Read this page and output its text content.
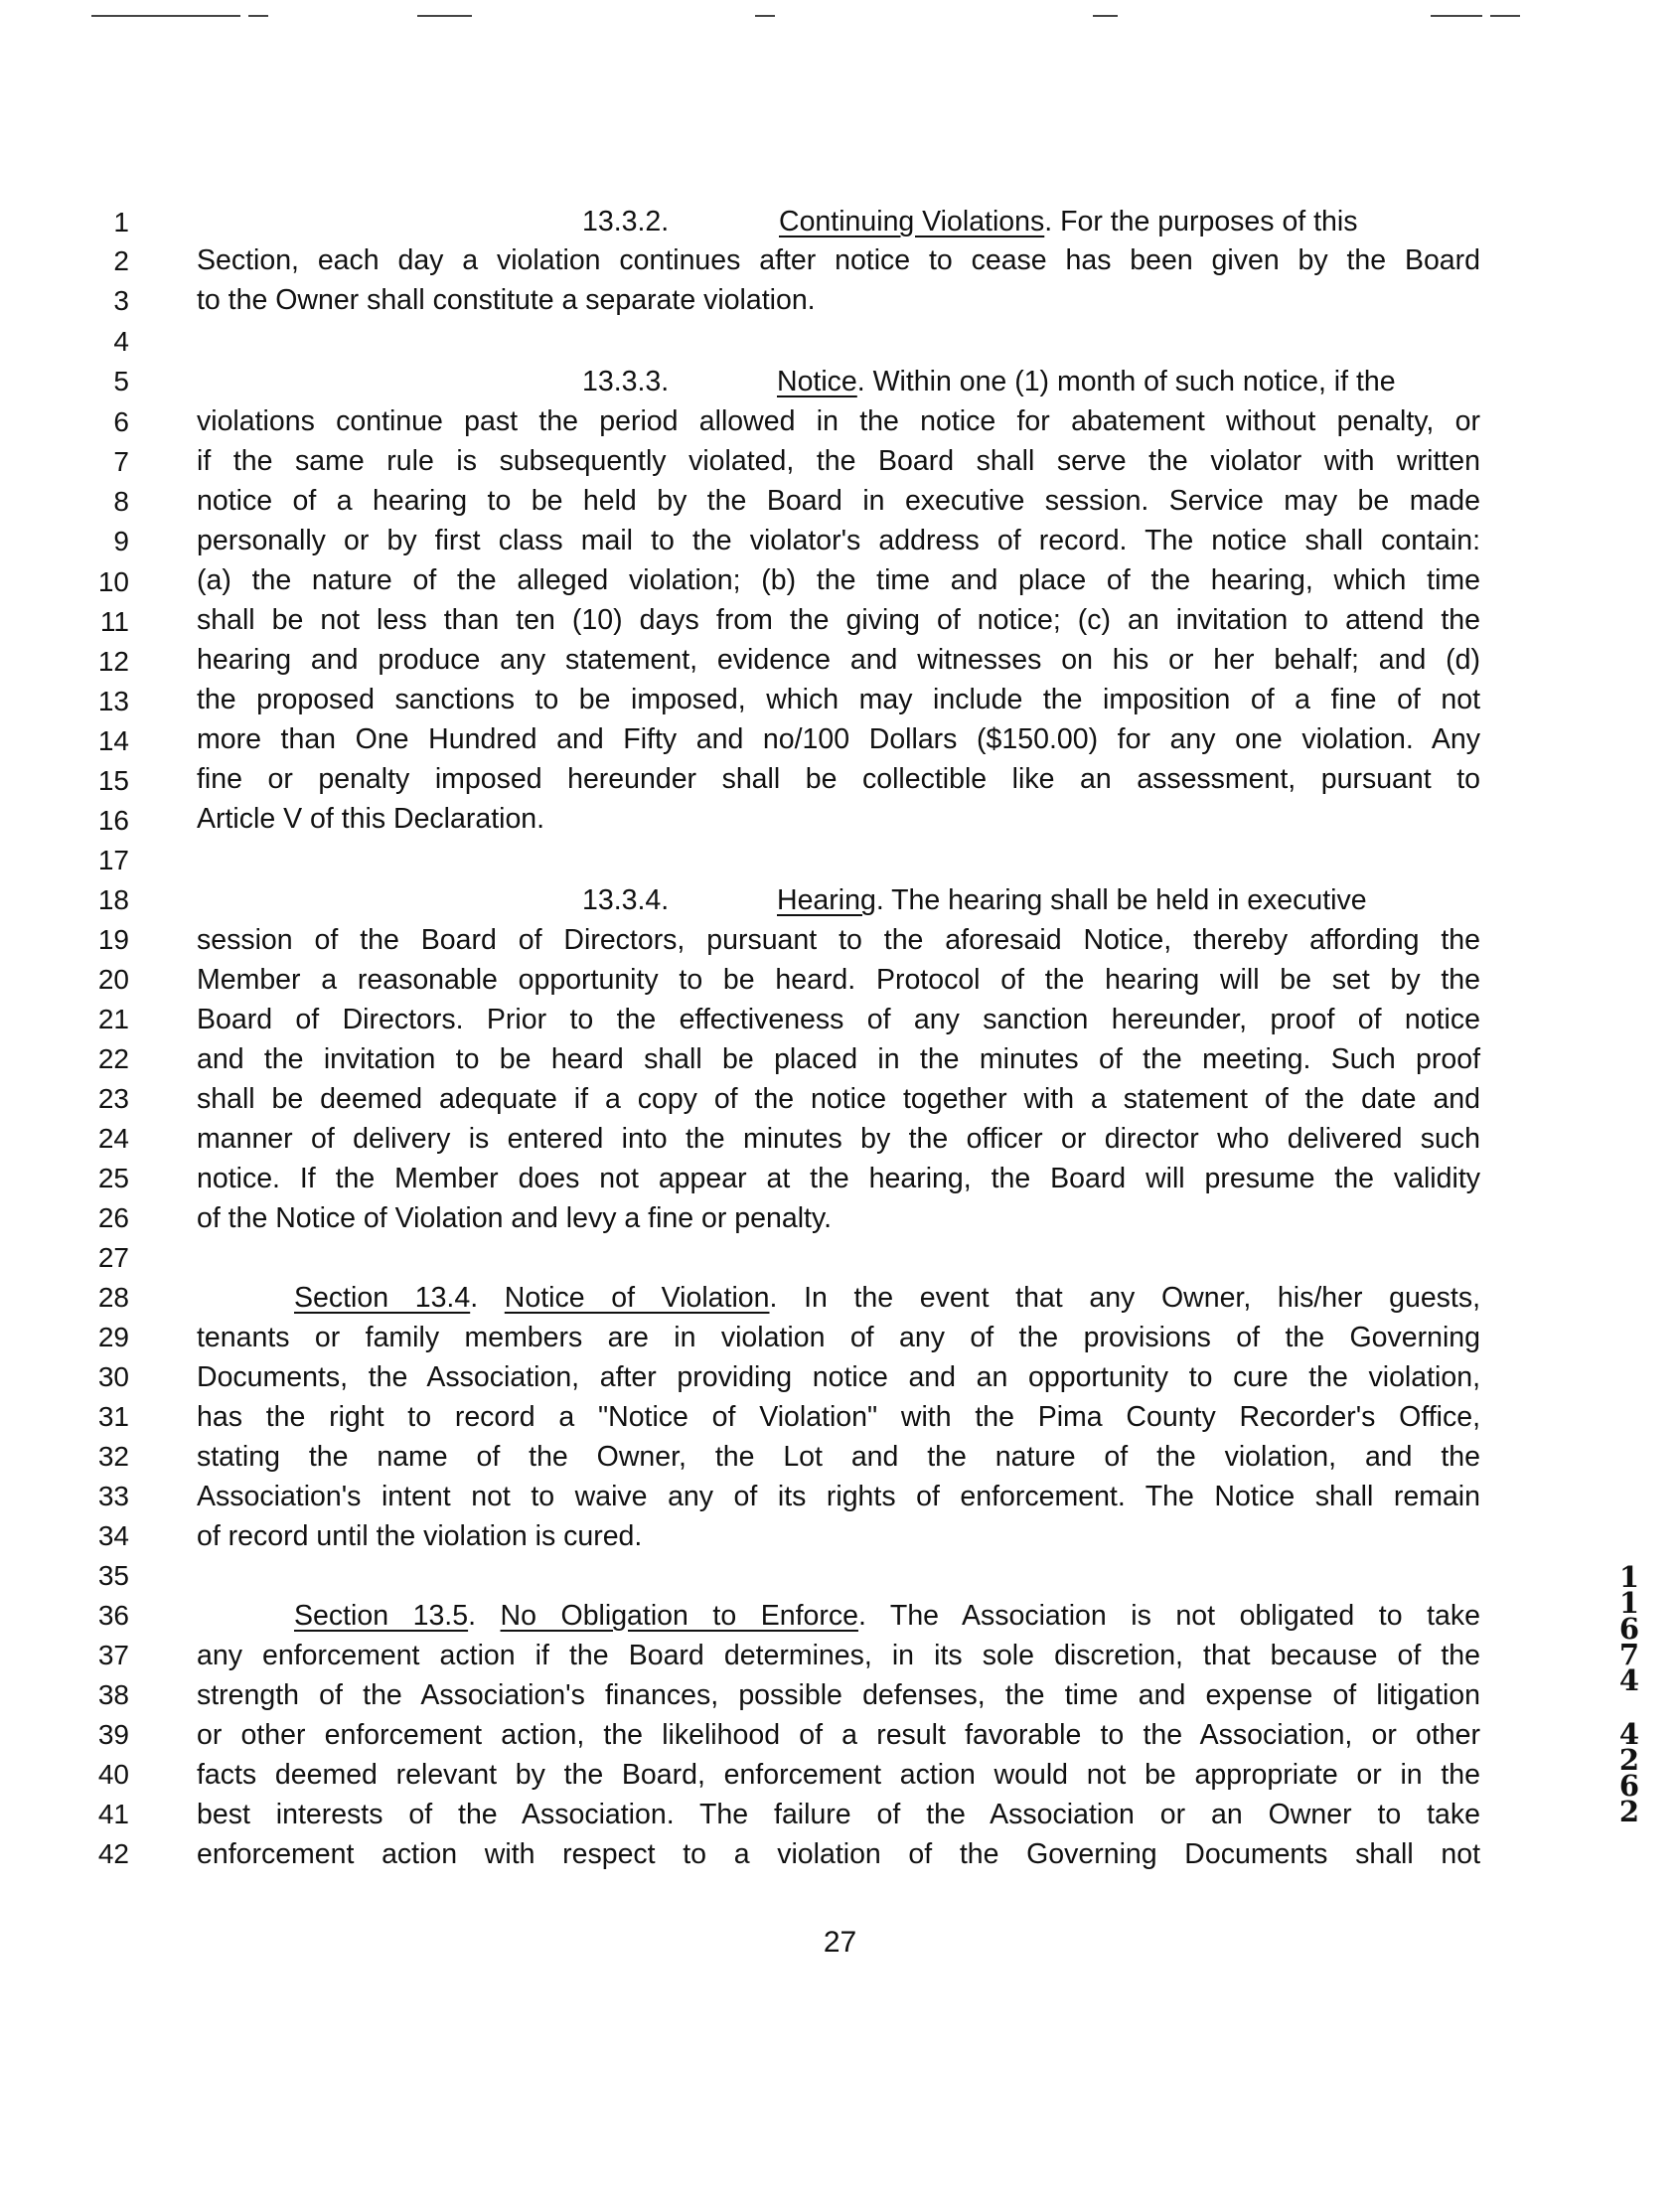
1
2
3
4
5
6
7
8
9
10
11
12
13
14
15
16
17
18
19
20
21
22
23
24
25
26
27
28
29
30
31
32
33
34
35
36
37
38
39
40
41
42
13.3.2.	Continuing Violations. For the purposes of this
Section, each day a violation continues after notice to cease has been given by the Board
to the Owner shall constitute a separate violation.
13.3.3.	Notice. Within one (1) month of such notice, if the
violations continue past the period allowed in the notice for abatement without penalty, or
if the same rule is subsequently violated, the Board shall serve the violator with written
notice of a hearing to be held by the Board in executive session. Service may be made
personally or by first class mail to the violator's address of record. The notice shall contain:
(a) the nature of the alleged violation; (b) the time and place of the hearing, which time
shall be not less than ten (10) days from the giving of notice; (c) an invitation to attend the
hearing and produce any statement, evidence and witnesses on his or her behalf; and (d)
the proposed sanctions to be imposed, which may include the imposition of a fine of not
more than One Hundred and Fifty and no/100 Dollars ($150.00) for any one violation. Any
fine or penalty imposed hereunder shall be collectible like an assessment, pursuant to
Article V of this Declaration.
13.3.4.	Hearing. The hearing shall be held in executive
session of the Board of Directors, pursuant to the aforesaid Notice, thereby affording the
Member a reasonable opportunity to be heard. Protocol of the hearing will be set by the
Board of Directors. Prior to the effectiveness of any sanction hereunder, proof of notice
and the invitation to be heard shall be placed in the minutes of the meeting. Such proof
shall be deemed adequate if a copy of the notice together with a statement of the date and
manner of delivery is entered into the minutes by the officer or director who delivered such
notice. If the Member does not appear at the hearing, the Board will presume the validity
of the Notice of Violation and levy a fine or penalty.
Section 13.4. Notice of Violation. In the event that any Owner, his/her guests,
tenants or family members are in violation of any of the provisions of the Governing
Documents, the Association, after providing notice and an opportunity to cure the violation,
has the right to record a "Notice of Violation" with the Pima County Recorder's Office,
stating the name of the Owner, the Lot and the nature of the violation, and the
Association's intent not to waive any of its rights of enforcement. The Notice shall remain
of record until the violation is cured.
Section 13.5. No Obligation to Enforce. The Association is not obligated to take
any enforcement action if the Board determines, in its sole discretion, that because of the
strength of the Association's finances, possible defenses, the time and expense of litigation
or other enforcement action, the likelihood of a result favorable to the Association, or other
facts deemed relevant by the Board, enforcement action would not be appropriate or in the
best interests of the Association. The failure of the Association or an Owner to take
enforcement action with respect to a violation of the Governing Documents shall not
27
1
1
6
7
4
4
2
6
2
